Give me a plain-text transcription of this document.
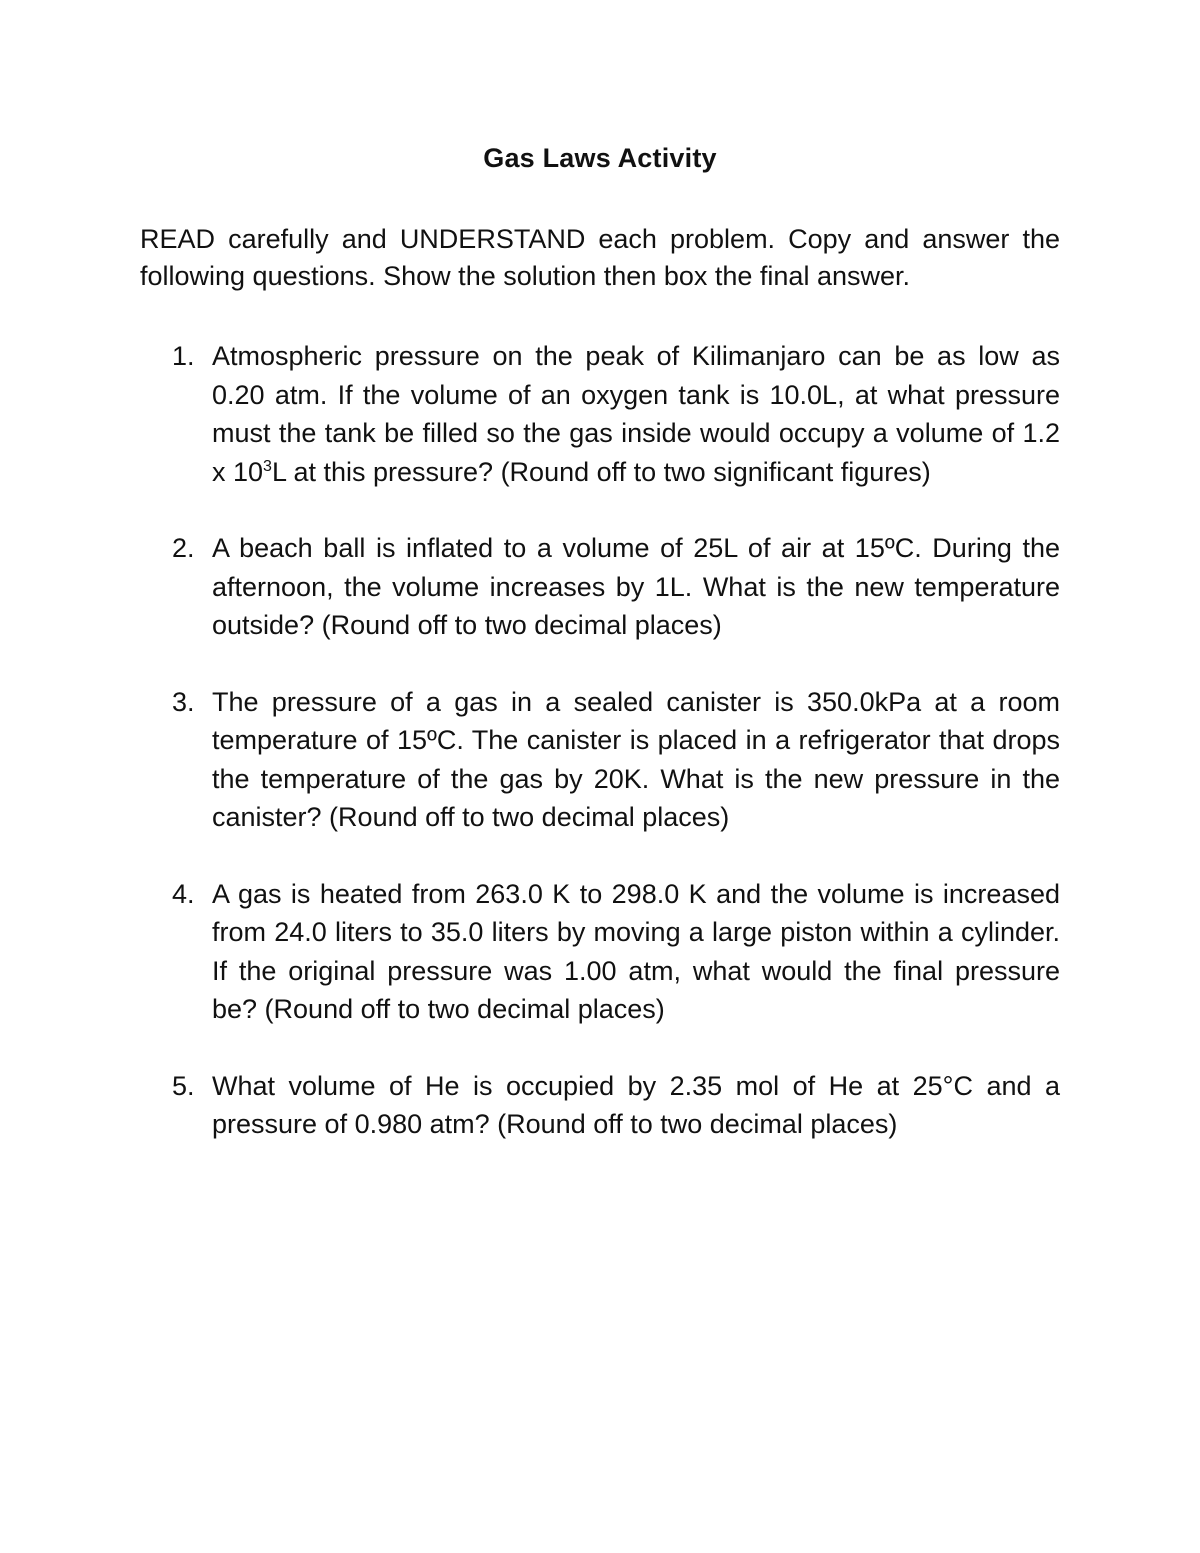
Gas Laws Activity
READ carefully and UNDERSTAND each problem. Copy and answer the following questions. Show the solution then box the final answer.
1. Atmospheric pressure on the peak of Kilimanjaro can be as low as 0.20 atm. If the volume of an oxygen tank is 10.0L, at what pressure must the tank be filled so the gas inside would occupy a volume of 1.2 x $10^3L$ at this pressure? (Round off to two significant figures)
2. A beach ball is inflated to a volume of 25L of air at 15ºC. During the afternoon, the volume increases by 1L. What is the new temperature outside? (Round off to two decimal places)
3. The pressure of a gas in a sealed canister is 350.0kPa at a room temperature of 15ºC. The canister is placed in a refrigerator that drops the temperature of the gas by 20K. What is the new pressure in the canister? (Round off to two decimal places)
4. A gas is heated from 263.0 K to 298.0 K and the volume is increased from 24.0 liters to 35.0 liters by moving a large piston within a cylinder. If the original pressure was 1.00 atm, what would the final pressure be? (Round off to two decimal places)
5. What volume of He is occupied by 2.35 mol of He at 25°C and a pressure of 0.980 atm? (Round off to two decimal places)
